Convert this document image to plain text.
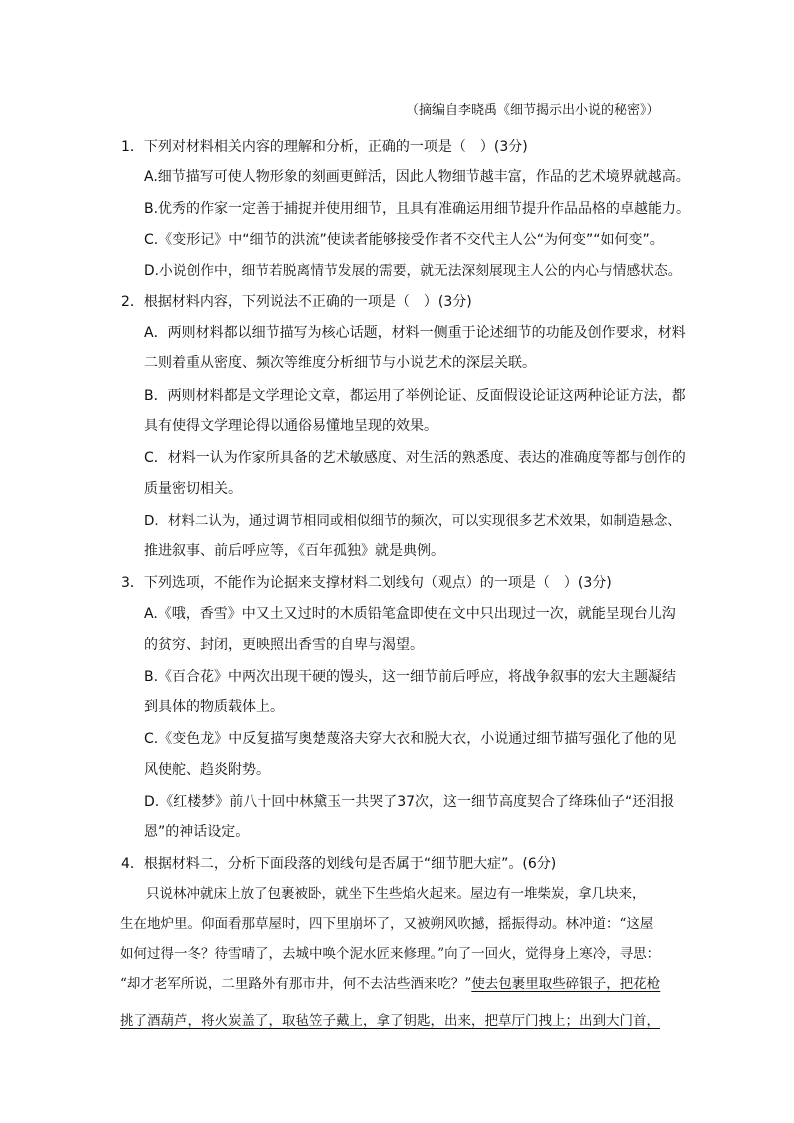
（摘编自李晓禹《细节揭示出小说的秘密》）
1．下列对材料相关内容的理解和分析，正确的一项是（　）(3分)
A.细节描写可使人物形象的刻画更鲜活，因此人物细节越丰富，作品的艺术境界就越高。
B.优秀的作家一定善于捕捉并使用细节，且具有准确运用细节提升作品品格的卓越能力。
C.《变形记》中“细节的洪流”使读者能够接受作者不交代主人公“为何变”“如何变”。
D.小说创作中，细节若脱离情节发展的需要，就无法深刻展现主人公的内心与情感状态。
2．根据材料内容，下列说法不正确的一项是（　）(3分)
A．两则材料都以细节描写为核心话题，材料一侧重于论述细节的功能及创作要求，材料
二则着重从密度、频次等维度分析细节与小说艺术的深层关联。
B．两则材料都是文学理论文章，都运用了举例论证、反面假设论证这两种论证方法，都
具有使得文学理论得以通俗易懂地呈现的效果。
C．材料一认为作家所具备的艺术敏感度、对生活的熟悉度、表达的准确度等都与创作的
质量密切相关。
D．材料二认为，通过调节相同或相似细节的频次，可以实现很多艺术效果，如制造悬念、
推进叙事、前后呼应等，《百年孤独》就是典例。
3．下列选项，不能作为论据来支撑材料二划线句（观点）的一项是（　）(3分)
A.《哦，香雪》中又土又过时的木质铅笔盒即使在文中只出现过一次，就能呈现台儿沟
的贫穷、封闭，更映照出香雪的自卑与渴望。
B.《百合花》中两次出现干硬的馒头，这一细节前后呼应，将战争叙事的宏大主题凝结
到具体的物质载体上。
C.《变色龙》中反复描写奥楚蔑洛夫穿大衣和脱大衣，小说通过细节描写强化了他的见
风使舵、趋炎附势。
D.《红楼梦》前八十回中林黛玉一共哭了37次，这一细节高度契合了绛珠仙子“还泪报
恩”的神话设定。
4．根据材料二，分析下面段落的划线句是否属于“细节肥大症”。(6分)
只说林冲就床上放了包裹被卧，就坐下生些焰火起来。屋边有一堆柴炭，拿几块来，
生在地炉里。仰面看那草屋时，四下里崩坏了，又被朔风吹撼，摇振得动。林冲道：“这屋
如何过得一冬？待雪晴了，去城中唤个泥水匠来修理。”向了一回火，觉得身上寒冷，寻思：
“却才老军所说，二里路外有那市井，何不去沽些酒来吃？”使去包裹里取些碎银子，把花枪
挑了酒葫芦，将火炭盖了，取毡笠子戴上，拿了钥匙，出来，把草厅门拽上；出到大门首，
